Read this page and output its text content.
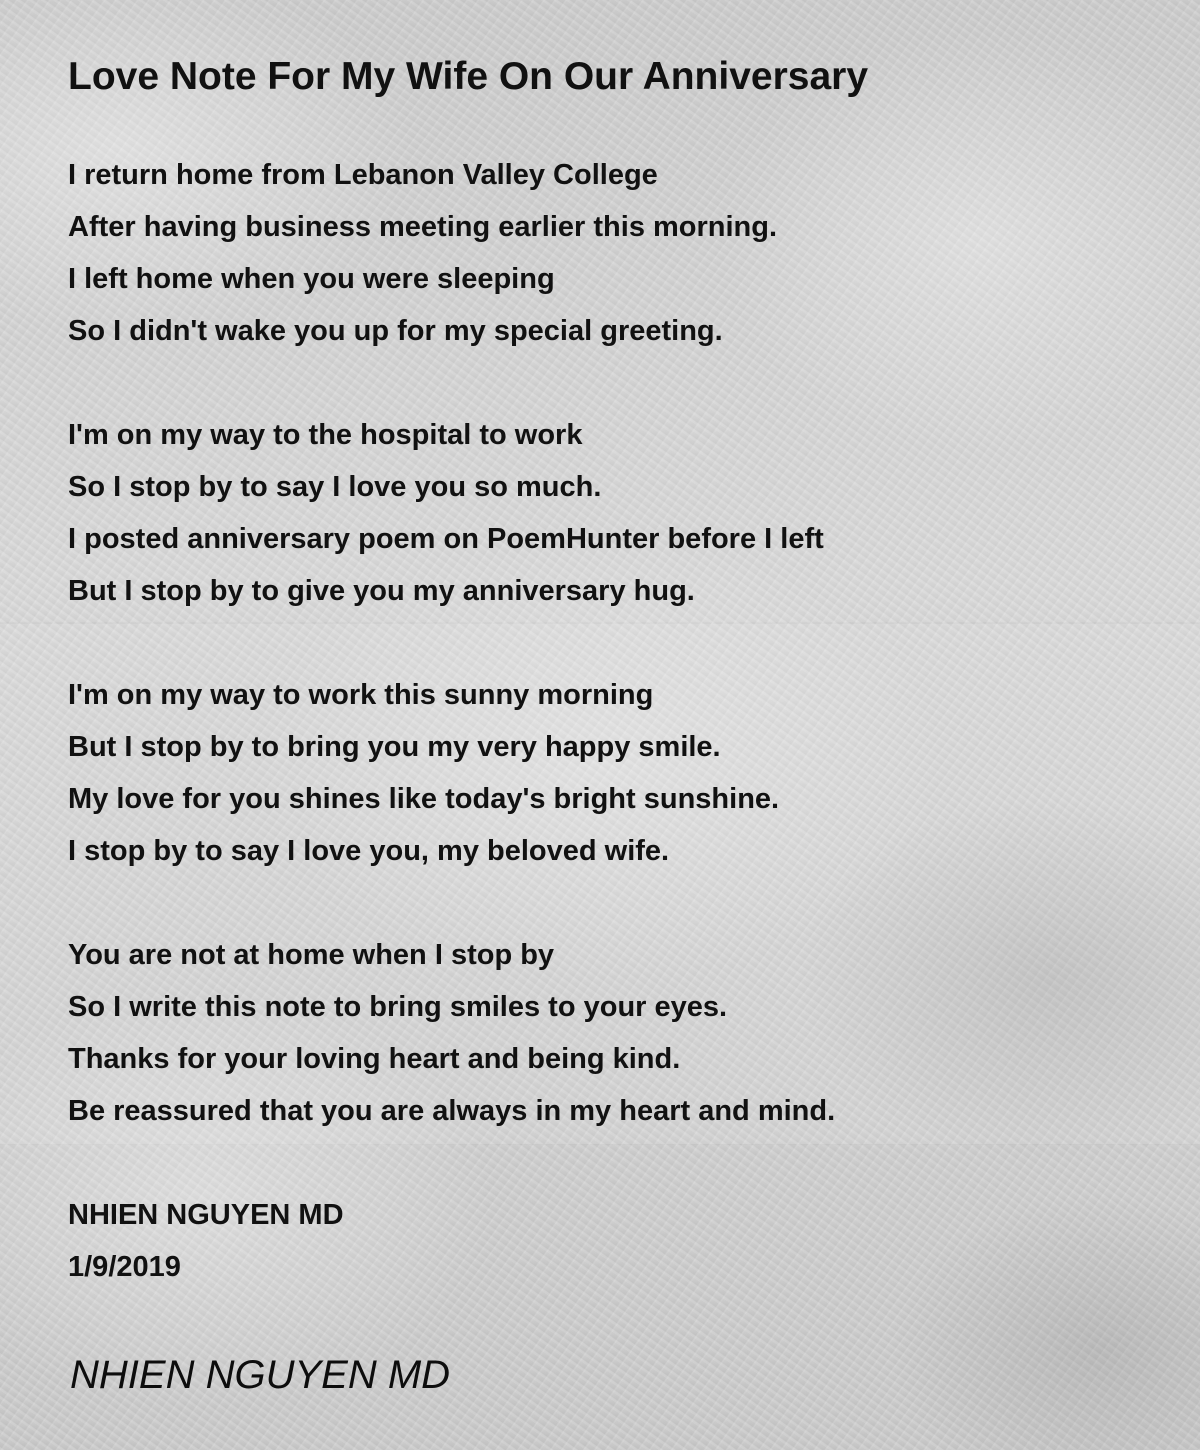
Love Note For My Wife On Our Anniversary
I return home from Lebanon Valley College
After having business meeting earlier this morning.
I left home when you were sleeping
So I didn't wake you up for my special greeting.
I'm on my way to the hospital to work
So I stop by to say I love you so much.
I posted anniversary poem on PoemHunter before I left
But I stop by to give you my anniversary hug.
I'm on my way to work this sunny morning
But I stop by to bring you my very happy smile.
My love for you shines like today's bright sunshine.
I stop by to say I love you, my beloved wife.
You are not at home when I stop by
So I write this note to bring smiles to your eyes.
Thanks for your loving heart and being kind.
Be reassured that you are always in my heart and mind.
NHIEN NGUYEN MD
1/9/2019
NHIEN NGUYEN MD
